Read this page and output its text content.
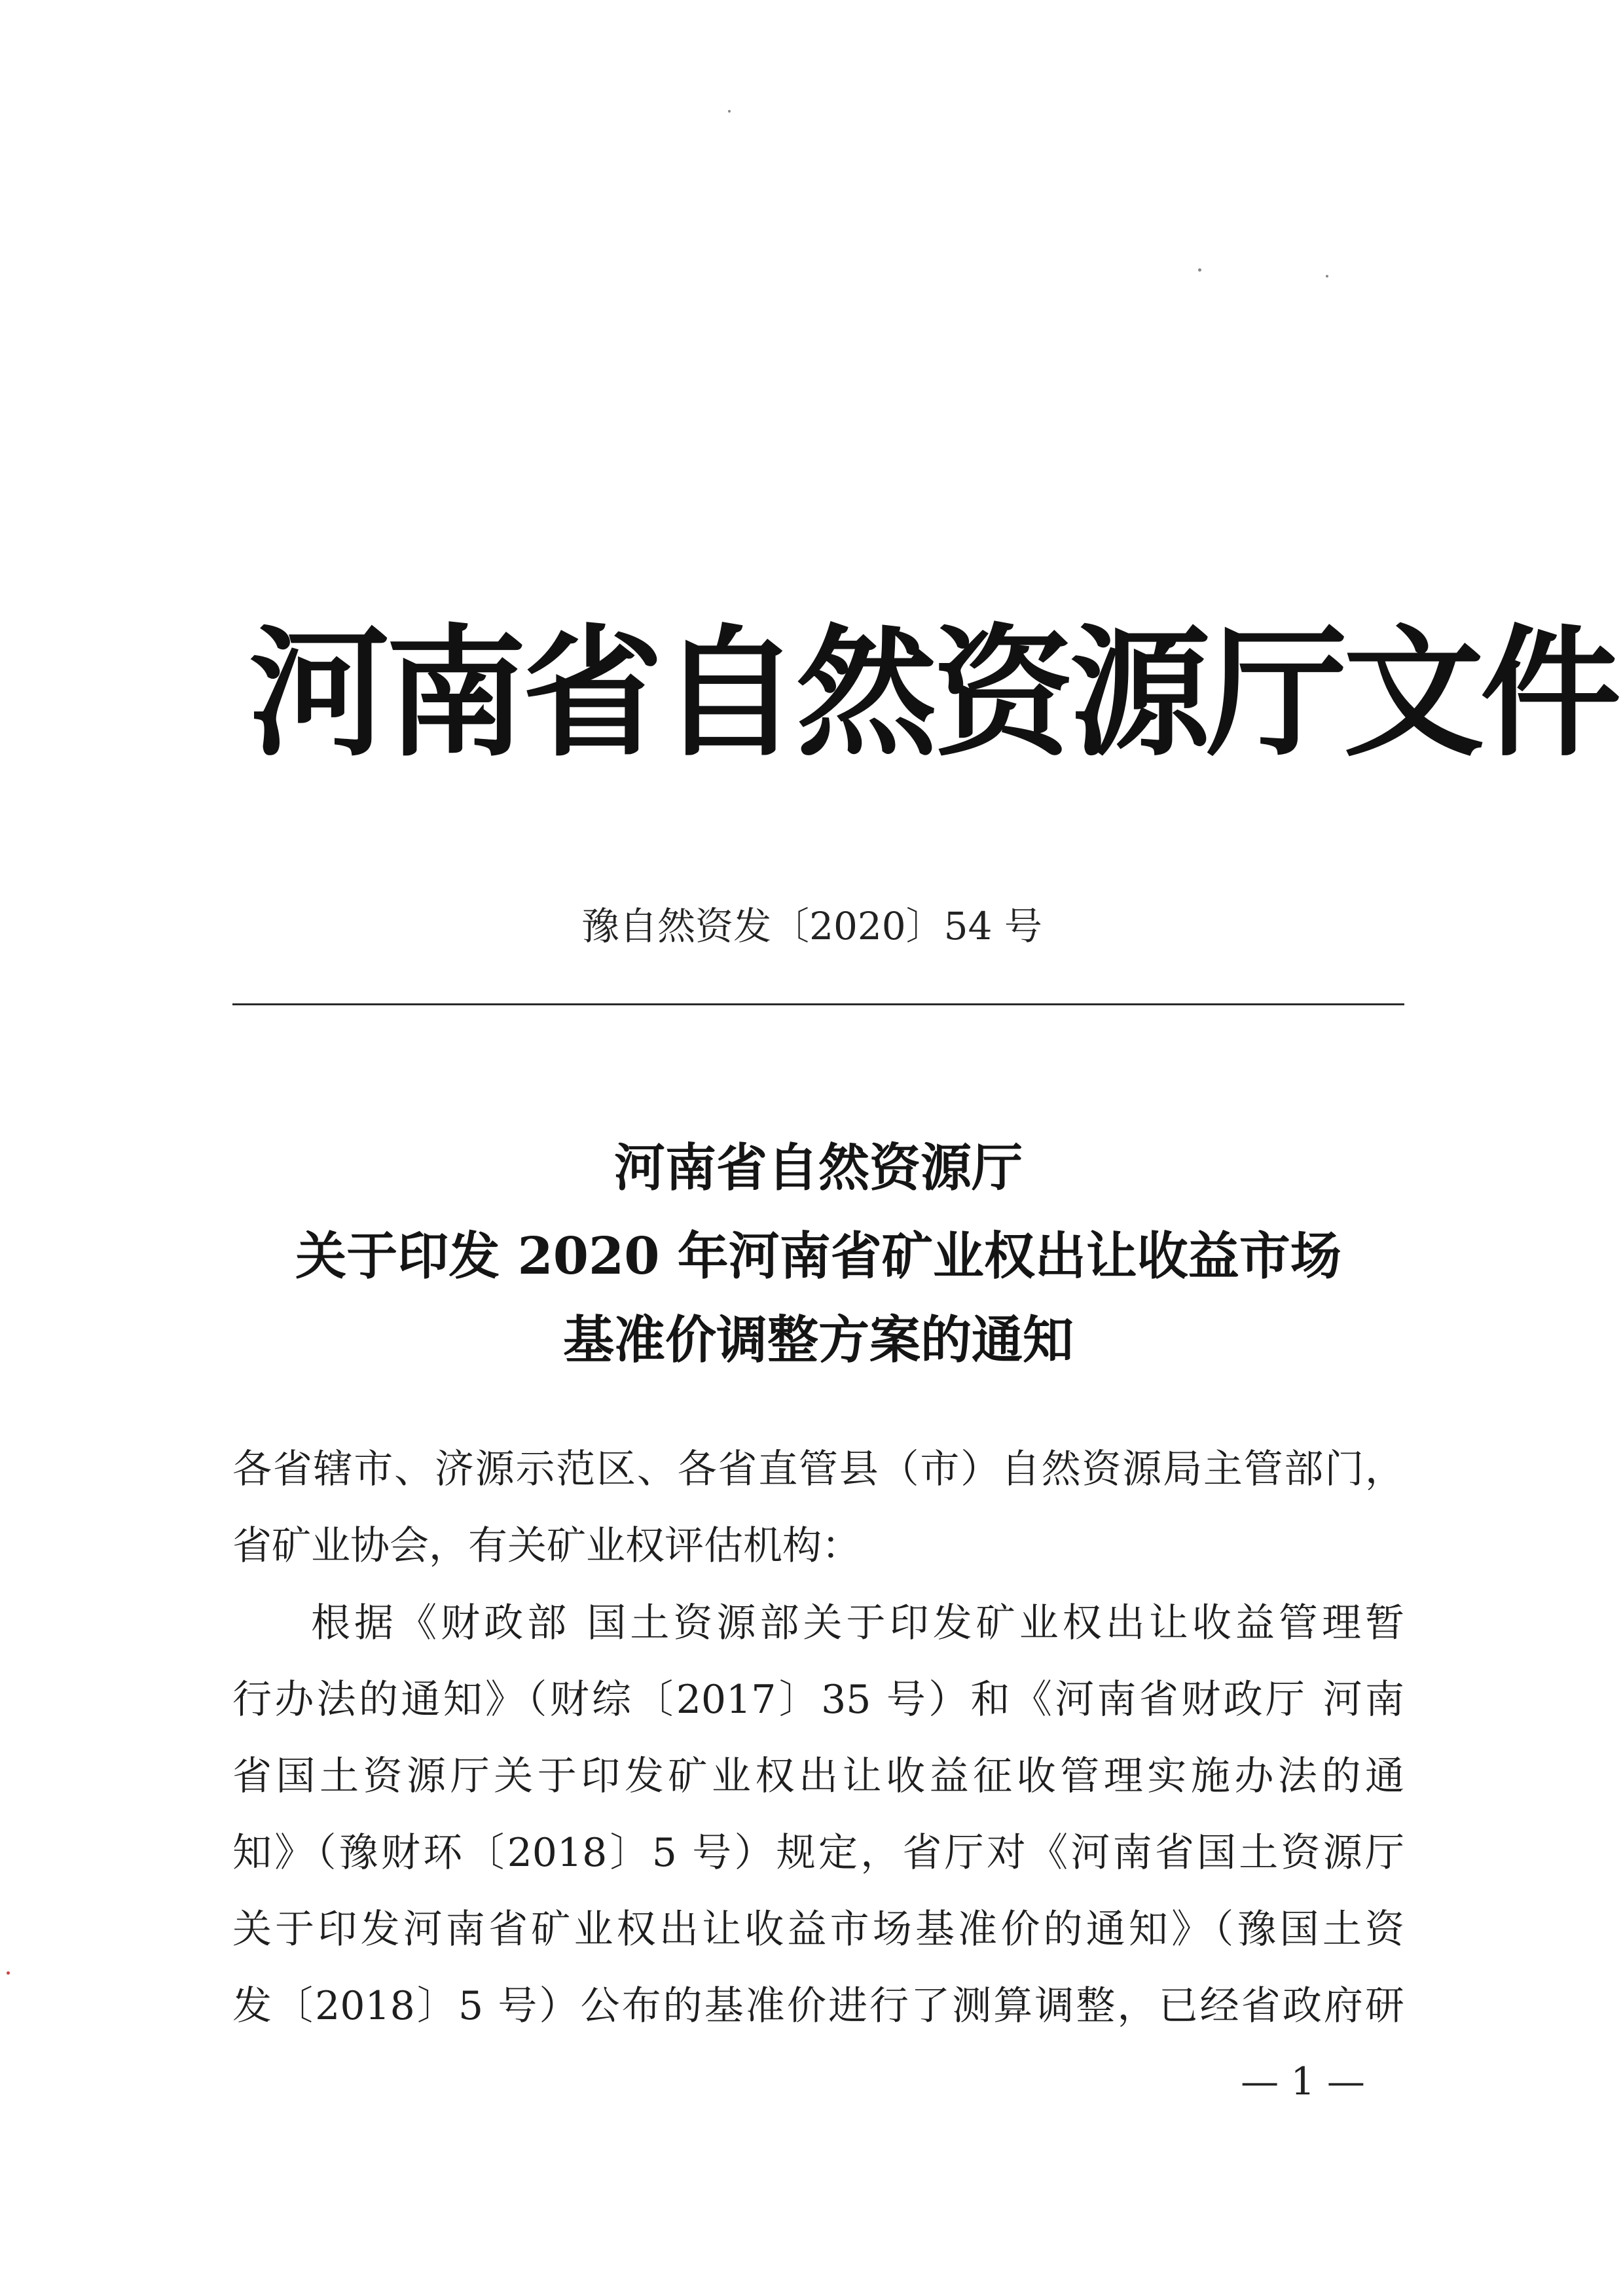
河南省自然资源厅文件
豫自然资发〔2020〕54 号
河南省自然资源厅
关于印发 2020 年河南省矿业权出让收益市场
基准价调整方案的通知
各省辖市、济源示范区、各省直管县（市）自然资源局主管部门，
省矿业协会，有关矿业权评估机构：
根据《财政部 国土资源部关于印发矿业权出让收益管理暂
行办法的通知》（财综〔2017〕35 号）和《河南省财政厅 河南
省国土资源厅关于印发矿业权出让收益征收管理实施办法的通
知》（豫财环〔2018〕5 号）规定，省厅对《河南省国土资源厅
关于印发河南省矿业权出让收益市场基准价的通知》（豫国土资
发〔2018〕5 号）公布的基准价进行了测算调整，已经省政府研
— 1 —
